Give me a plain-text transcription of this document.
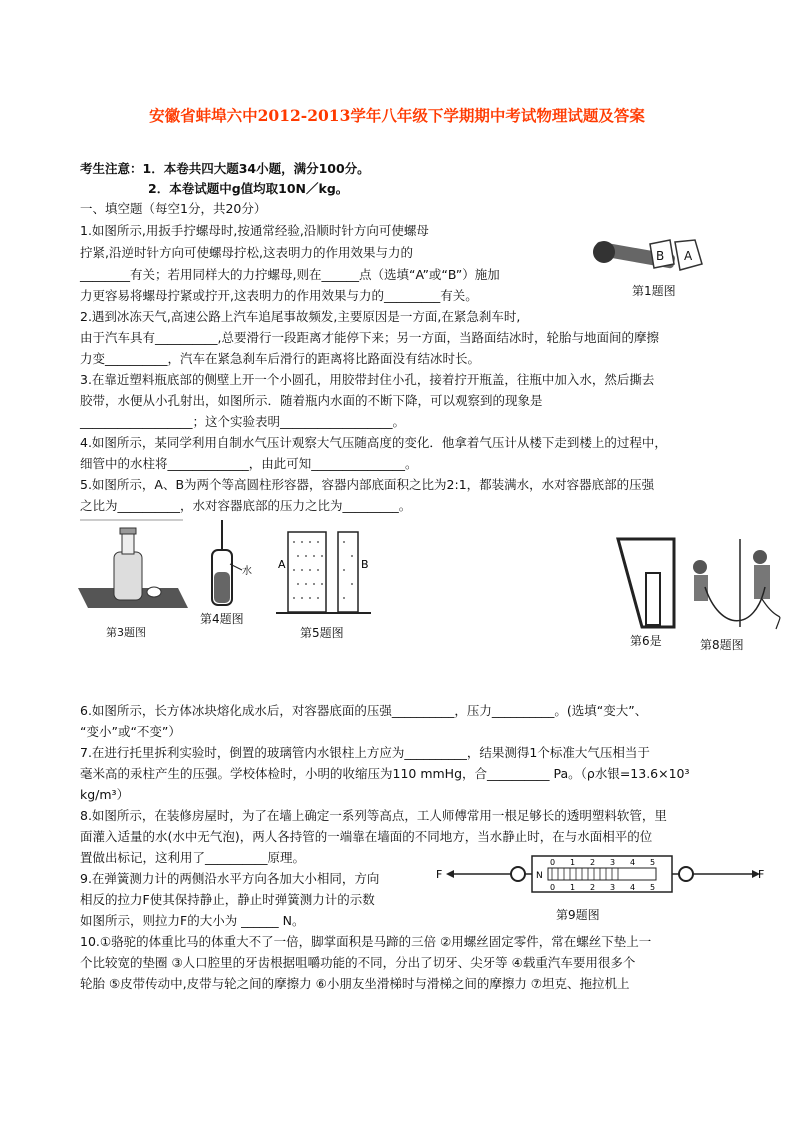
安徽省蚌埠六中2012-2013学年八年级下学期期中考试物理试题及答案
考生注意：1．本卷共四大题34小题，满分100分。
2．本卷试题中g值均取10N／kg。
一、填空题（每空1分，共20分）
1.如图所示,用扳手拧螺母时,按通常经验,沿顺时针方向可使螺母
拧紧,沿逆时针方向可使螺母拧松,这表明力的作用效果与力的
________有关；若用同样大的力拧螺母,则在______点（选填“A”或“B”）施加
力更容易将螺母拧紧或拧开,这表明力的作用效果与力的_________有关。
B A
第1题图
2.遇到冰冻天气,高速公路上汽车追尾事故频发,主要原因是一方面,在紧急刹车时,
由于汽车具有__________,总要滑行一段距离才能停下来；另一方面，当路面结冰时，轮胎与地面间的摩擦
力变__________，汽车在紧急刹车后滑行的距离将比路面没有结冰时长。
3.在靠近塑料瓶底部的侧壁上开一个小圆孔，用胶带封住小孔，接着拧开瓶盖，往瓶中加入水，然后撕去
胶带，水便从小孔射出，如图所示．随着瓶内水面的不断下降，可以观察到的现象是
__________________；这个实验表明__________________。
4.如图所示，某同学利用自制水气压计观察大气压随高度的变化．他拿着气压计从楼下走到楼上的过程中，
细管中的水柱将_____________，由此可知_______________。
5.如图所示，A、B为两个等高圆柱形容器，容器内部底面积之比为2:1，都装满水，水对容器底部的压强
之比为__________，水对容器底部的压力之比为_________。
第3题图
水
第4题图
A	B
第5题图
第6是	第8题图
6.如图所示，长方体冰块熔化成水后，对容器底面的压强__________，压力__________。(选填“变大”、
“变小”或“不变”）
7.在进行托里拆利实验时，倒置的玻璃管内水银柱上方应为__________，结果测得1个标准大气压相当于
毫米高的汞柱产生的压强。学校体检时，小明的收缩压为110 mmHg，合__________ Pa。（ρ水银=13.6×10³
kg/m³）
8.如图所示，在装修房屋时，为了在墙上确定一系列等高点，工人师傅常用一根足够长的透明塑料软管，里
面灌入适量的水(水中无气泡)，两人各持管的一端靠在墙面的不同地方，当水静止时，在与水面相平的位
置做出标记，这利用了__________原理。
9.在弹簧测力计的两侧沿水平方向各加大小相同，方向
相反的拉力F使其保持静止，静止时弹簧测力计的示数
如图所示，则拉力F的大小为 ______ N。
F	F
N
0 1 2 3 4 5
0 1 2 3 4 5
第9题图
10.①骆驼的体重比马的体重大不了一倍，脚掌面积是马蹄的三倍 ②用螺丝固定零件，常在螺丝下垫上一
个比较宽的垫圈 ③人口腔里的牙齿根据咀嚼功能的不同，分出了切牙、尖牙等 ④载重汽车要用很多个
轮胎 ⑤皮带传动中,皮带与轮之间的摩擦力 ⑥小朋友坐滑梯时与滑梯之间的摩擦力 ⑦坦克、拖拉机上
